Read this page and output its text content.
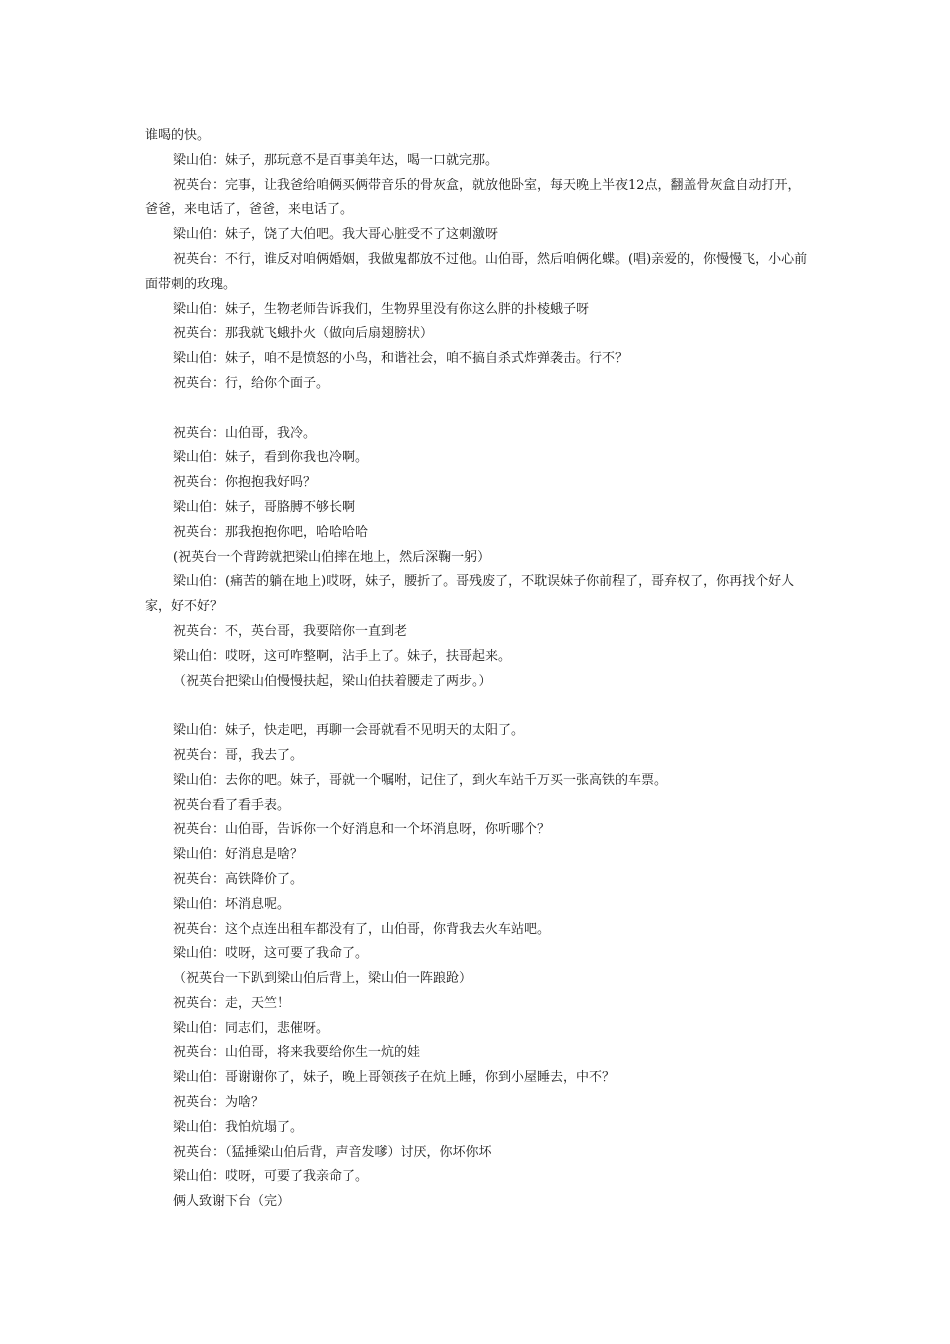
谁喝的快。

梁山伯：妹子，那玩意不是百事美年达，喝一口就完那。

祝英台：完事，让我爸给咱俩买俩带音乐的骨灰盒，就放他卧室，每天晚上半夜12点，翻盖骨灰盒自动打开，爸爸，来电话了，爸爸，来电话了。

梁山伯：妹子，饶了大伯吧。我大哥心脏受不了这刺激呀

祝英台：不行，谁反对咱俩婚姻，我做鬼都放不过他。山伯哥，然后咱俩化蝶。(唱)亲爱的，你慢慢飞，小心前面带刺的玫瑰。

梁山伯：妹子，生物老师告诉我们，生物界里没有你这么胖的扑棱蛾子呀

祝英台：那我就飞蛾扑火（做向后扇翅膀状）

梁山伯：妹子，咱不是愤怒的小鸟，和谐社会，咱不搞自杀式炸弹袭击。行不？

祝英台：行，给你个面子。

祝英台：山伯哥，我冷。

梁山伯：妹子，看到你我也冷啊。

祝英台：你抱抱我好吗？

梁山伯：妹子，哥胳膊不够长啊

祝英台：那我抱抱你吧，哈哈哈哈

(祝英台一个背跨就把梁山伯摔在地上，然后深鞠一躬）

梁山伯：(痛苦的躺在地上)哎呀，妹子，腰折了。哥残废了，不耽误妹子你前程了，哥弃权了，你再找个好人家，好不好？

祝英台：不，英台哥，我要陪你一直到老

梁山伯：哎呀，这可咋整啊，沾手上了。妹子，扶哥起来。

（祝英台把梁山伯慢慢扶起，梁山伯扶着腰走了两步。）

梁山伯：妹子，快走吧，再聊一会哥就看不见明天的太阳了。

祝英台：哥，我去了。

梁山伯：去你的吧。妹子，哥就一个嘱咐，记住了，到火车站千万买一张高铁的车票。

祝英台看了看手表。

祝英台：山伯哥，告诉你一个好消息和一个坏消息呀，你听哪个？

梁山伯：好消息是啥？

祝英台：高铁降价了。

梁山伯：坏消息呢。

祝英台：这个点连出租车都没有了，山伯哥，你背我去火车站吧。

梁山伯：哎呀，这可要了我命了。

（祝英台一下趴到梁山伯后背上，梁山伯一阵踉跄）

祝英台：走，天竺！

梁山伯：同志们，悲催呀。

祝英台：山伯哥，将来我要给你生一炕的娃

梁山伯：哥谢谢你了，妹子，晚上哥领孩子在炕上睡，你到小屋睡去，中不？

祝英台：为啥？

梁山伯：我怕炕塌了。

祝英台：（猛捶梁山伯后背，声音发嗲）讨厌，你坏你坏

梁山伯：哎呀，可要了我亲命了。

俩人致谢下台（完）
